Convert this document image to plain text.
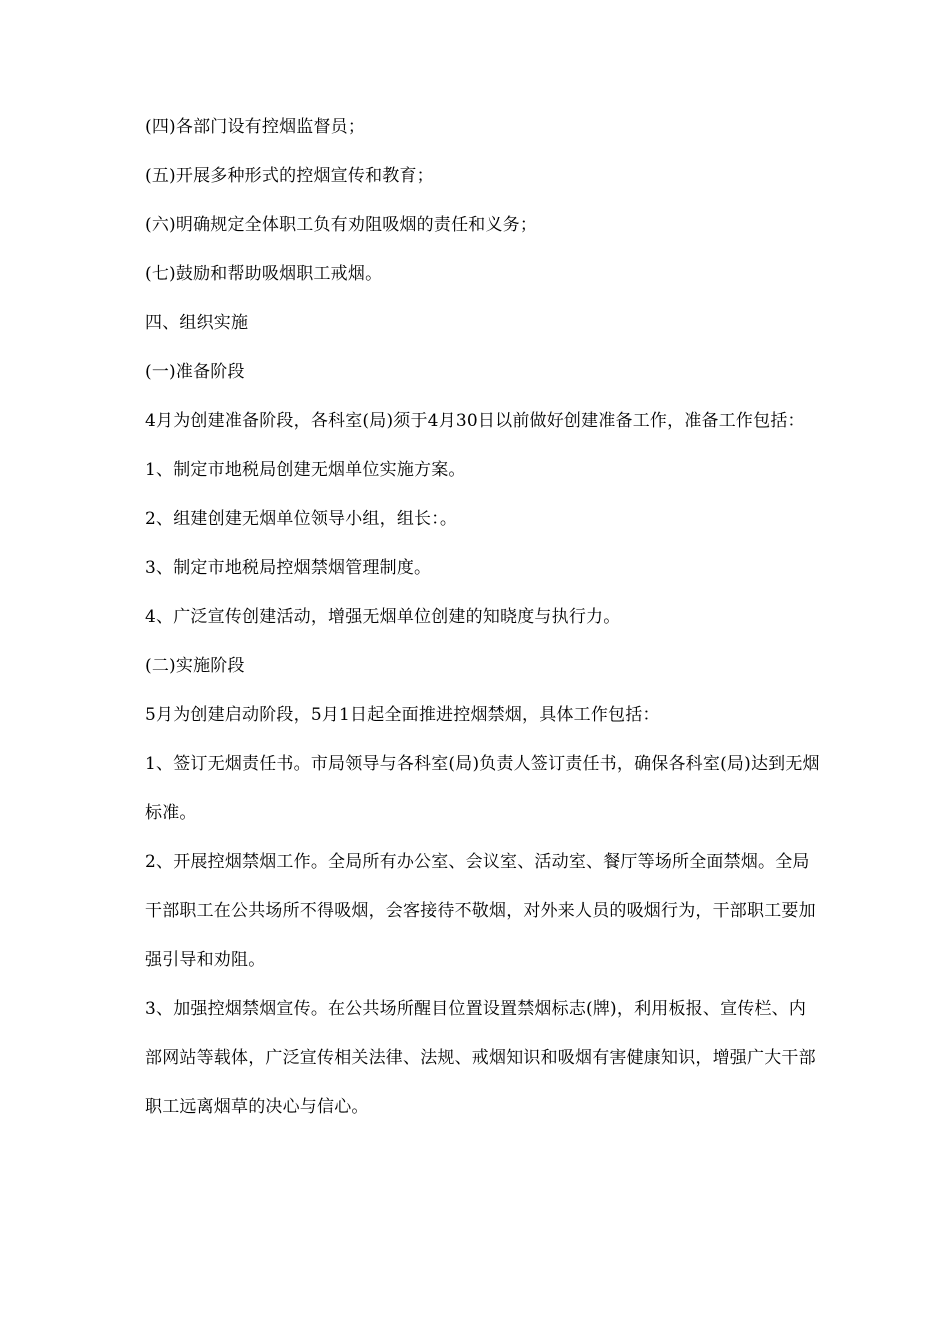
(四)各部门设有控烟监督员；

(五)开展多种形式的控烟宣传和教育；

(六)明确规定全体职工负有劝阻吸烟的责任和义务；

(七)鼓励和帮助吸烟职工戒烟。

四、组织实施

(一)准备阶段

4月为创建准备阶段，各科室(局)须于4月30日以前做好创建准备工作，准备工作包括：

1、制定市地税局创建无烟单位实施方案。

2、组建创建无烟单位领导小组，组长：。

3、制定市地税局控烟禁烟管理制度。

4、广泛宣传创建活动，增强无烟单位创建的知晓度与执行力。

(二)实施阶段

5月为创建启动阶段，5月1日起全面推进控烟禁烟，具体工作包括：

1、签订无烟责任书。市局领导与各科室(局)负责人签订责任书，确保各科室(局)达到无烟标准。

2、开展控烟禁烟工作。全局所有办公室、会议室、活动室、餐厅等场所全面禁烟。全局干部职工在公共场所不得吸烟，会客接待不敬烟，对外来人员的吸烟行为，干部职工要加强引导和劝阻。

3、加强控烟禁烟宣传。在公共场所醒目位置设置禁烟标志(牌)，利用板报、宣传栏、内部网站等载体，广泛宣传相关法律、法规、戒烟知识和吸烟有害健康知识，增强广大干部职工远离烟草的决心与信心。
